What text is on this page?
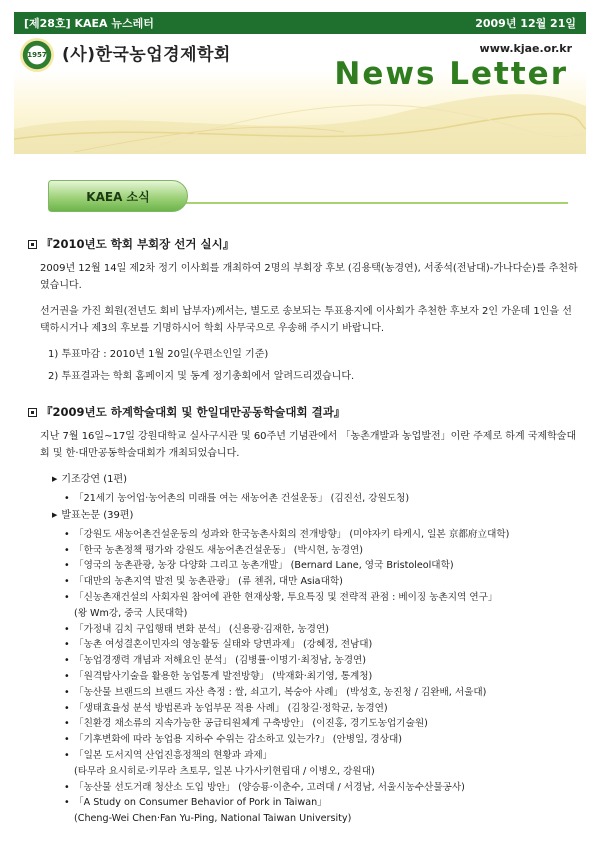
[제28호] KAEA 뉴스레터	2009년 12월 21일
1957 (사)한국농업경제학회	www.kjae.or.kr
News Letter
KAEA 소식
『2010년도 학회 부회장 선거 실시』

2009년 12월 14일 제2차 정기 이사회를 개최하여 2명의 부회장 후보 (김용택(농경연), 서종석(전남대)-가나다순)를 추천하였습니다.

선거권을 가진 회원(전년도 회비 납부자)께서는, 별도로 송보되는 투표용지에 이사회가 추천한 후보자 2인 가운데 1인을 선택하시거나 제3의 후보를 기명하시어 학회 사무국으로 우송해 주시기 바랍니다.

1) 투표마감 : 2010년 1월 20일(우편소인일 기준)

2) 투표결과는 학회 홈페이지 및 동계 정기총회에서 알려드리겠습니다.

『2009년도 하계학술대회 및 한일대만공동학술대회 결과』

지난 7월 16일~17일 강원대학교 실사구시관 및 60주년 기념관에서 「농촌개발과 농업발전」이란 주제로 하계 국제학술대회 및 한·대만공동학술대회가 개최되었습니다.

▶ 기조강연 (1편)
• 「21세기 농어업·농어촌의 미래를 여는 새농어촌 건설운동」 (김진선, 강원도청)
▶ 발표논문 (39편)
• 「강원도 새농어촌건설운동의 성과와 한국농촌사회의 전개방향」 (미야자키 타케시, 일본 京都府立대학)
• 「한국 농촌정책 평가와 강원도 새농어촌건설운동」 (박시현, 농경연)
• 「영국의 농촌관광, 농장 다양화 그리고 농촌개발」 (Bernard Lane, 영국 Bristoleol대학)
• 「대만의 농촌지역 발전 및 농촌관광」 (류 첸쥐, 대만 Asia대학)
• 「신농촌재건설의 사회자원 참여에 관한 현재상황, 투요특징 및 전략적 관점 : 베이징 농촌지역 연구」
(왕 Wm강, 중국 人民대학)
• 「가정내 김치 구입행태 변화 분석」 (신용광·김재한, 농경연)
• 「농촌 여성결혼이민자의 영농활동 실태와 당면과제」 (강혜정, 전남대)
• 「농업경쟁력 개념과 저해요인 분석」 (김병률·이명기·최정남, 농경연)
• 「원격탐사기술을 활용한 농업통계 발전방향」 (박재화·최기영, 통계청)
• 「농산물 브랜드의 브랜드 자산 측정 : 쌀, 쇠고기, 복숭아 사례」 (박성호, 농진청 / 김완배, 서울대)
• 「생태효율성 분석 방법론과 농업부문 적용 사례」 (김창길·정학균, 농경연)
• 「친환경 채소류의 지속가능한 공급티원체계 구축방안」 (이진홍, 경기도농업기술원)
• 「기후변화에 따라 농업용 지하수 수위는 감소하고 있는가?」 (안병일, 경상대)
• 「일본 도서지역 산업진흥정책의 현황과 과제」
(타무라 요시히로·키무라 츠토무, 일본 나가사키현립대 / 이병오, 강원대)
• 「농산물 선도거래 청산소 도입 방안」 (양승룡·이춘수, 고려대 / 서경남, 서울시농수산물공사)
• 「A Study on Consumer Behavior of Pork in Taiwan」
(Cheng-Wei Chen·Fan Yu-Ping, National Taiwan University)
